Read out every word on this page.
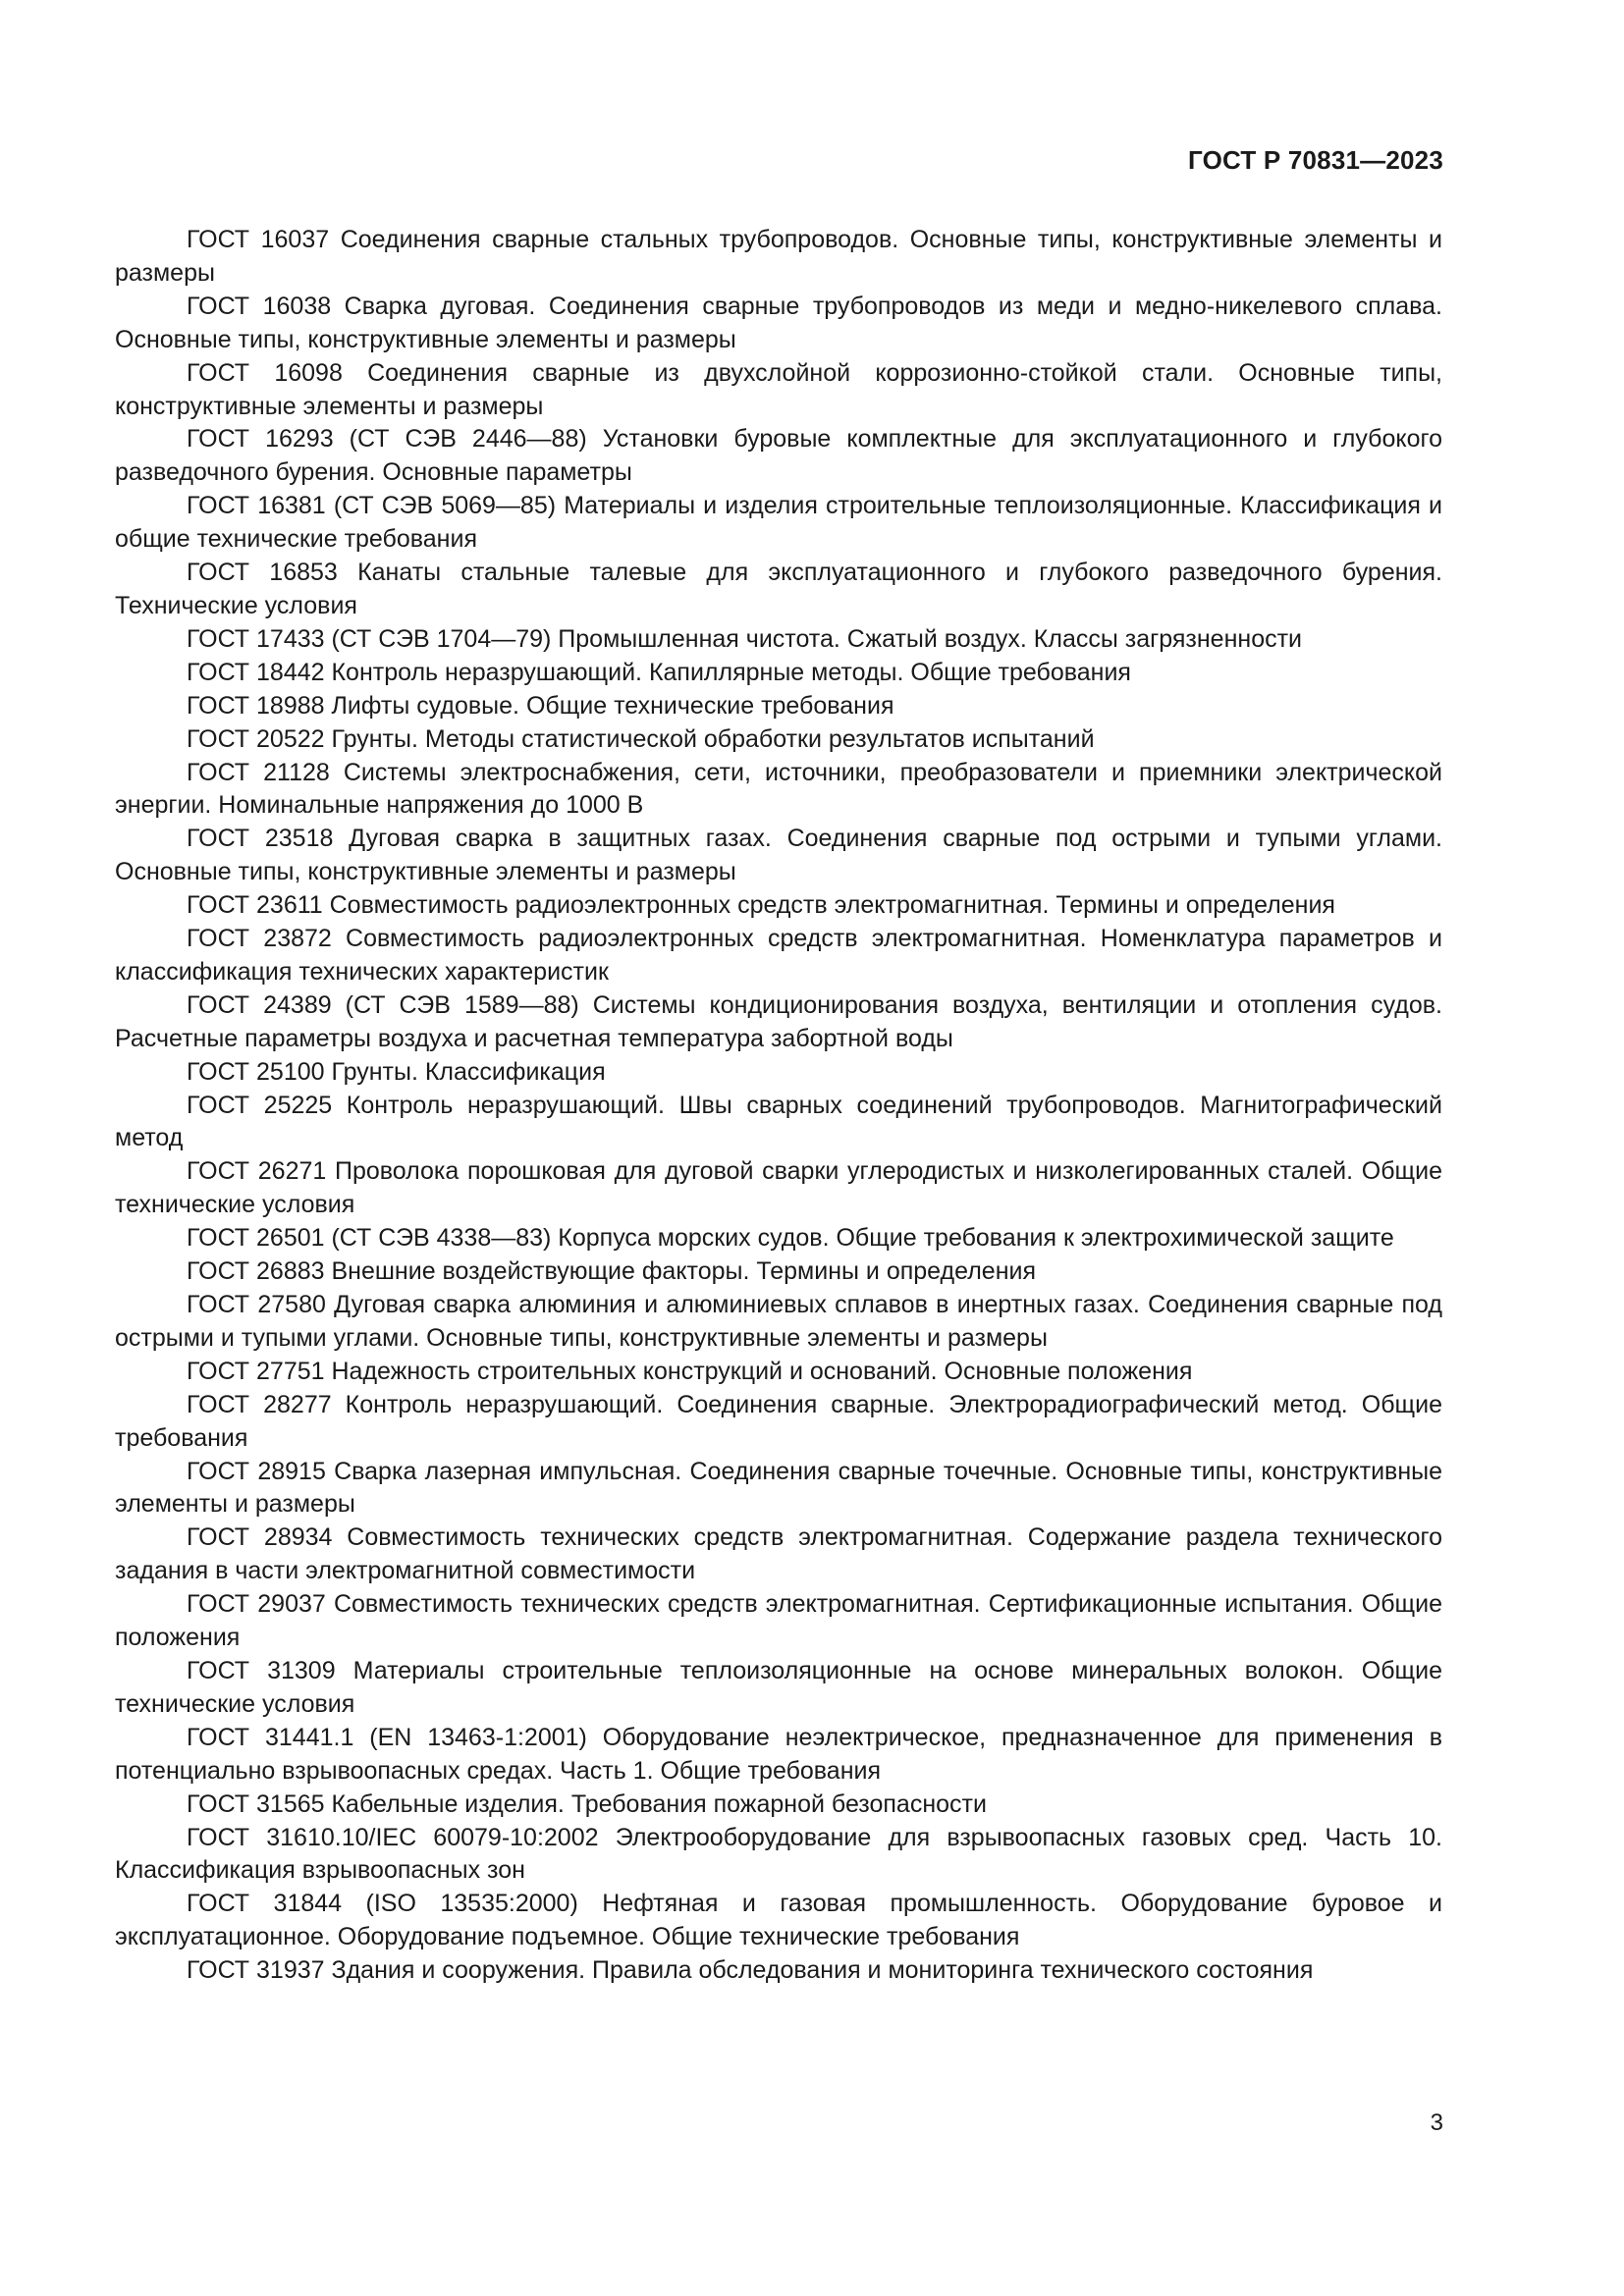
ГОСТ Р 70831—2023

ГОСТ 16037 Соединения сварные стальных трубопроводов. Основные типы, конструктивные элементы и размеры

ГОСТ 16038 Сварка дуговая. Соединения сварные трубопроводов из меди и медно-никелевого сплава. Основные типы, конструктивные элементы и размеры

ГОСТ 16098 Соединения сварные из двухслойной коррозионно-стойкой стали. Основные типы, конструктивные элементы и размеры

ГОСТ 16293 (СТ СЭВ 2446—88) Установки буровые комплектные для эксплуатационного и глубокого разведочного бурения. Основные параметры

ГОСТ 16381 (СТ СЭВ 5069—85) Материалы и изделия строительные теплоизоляционные. Классификация и общие технические требования

ГОСТ 16853 Канаты стальные талевые для эксплуатационного и глубокого разведочного бурения. Технические условия

ГОСТ 17433 (СТ СЭВ 1704—79) Промышленная чистота. Сжатый воздух. Классы загрязненности

ГОСТ 18442 Контроль неразрушающий. Капиллярные методы. Общие требования

ГОСТ 18988 Лифты судовые. Общие технические требования

ГОСТ 20522 Грунты. Методы статистической обработки результатов испытаний

ГОСТ 21128 Системы электроснабжения, сети, источники, преобразователи и приемники электрической энергии. Номинальные напряжения до 1000 В

ГОСТ 23518 Дуговая сварка в защитных газах. Соединения сварные под острыми и тупыми углами. Основные типы, конструктивные элементы и размеры

ГОСТ 23611 Совместимость радиоэлектронных средств электромагнитная. Термины и определения

ГОСТ 23872 Совместимость радиоэлектронных средств электромагнитная. Номенклатура параметров и классификация технических характеристик

ГОСТ 24389 (СТ СЭВ 1589—88) Системы кондиционирования воздуха, вентиляции и отопления судов. Расчетные параметры воздуха и расчетная температура забортной воды

ГОСТ 25100 Грунты. Классификация

ГОСТ 25225 Контроль неразрушающий. Швы сварных соединений трубопроводов. Магнитографический метод

ГОСТ 26271 Проволока порошковая для дуговой сварки углеродистых и низколегированных сталей. Общие технические условия

ГОСТ 26501 (СТ СЭВ 4338—83) Корпуса морских судов. Общие требования к электрохимической защите

ГОСТ 26883 Внешние воздействующие факторы. Термины и определения

ГОСТ 27580 Дуговая сварка алюминия и алюминиевых сплавов в инертных газах. Соединения сварные под острыми и тупыми углами. Основные типы, конструктивные элементы и размеры

ГОСТ 27751 Надежность строительных конструкций и оснований. Основные положения

ГОСТ 28277 Контроль неразрушающий. Соединения сварные. Электрорадиографический метод. Общие требования

ГОСТ 28915 Сварка лазерная импульсная. Соединения сварные точечные. Основные типы, конструктивные элементы и размеры

ГОСТ 28934 Совместимость технических средств электромагнитная. Содержание раздела технического задания в части электромагнитной совместимости

ГОСТ 29037 Совместимость технических средств электромагнитная. Сертификационные испытания. Общие положения

ГОСТ 31309 Материалы строительные теплоизоляционные на основе минеральных волокон. Общие технические условия

ГОСТ 31441.1 (EN 13463-1:2001) Оборудование неэлектрическое, предназначенное для применения в потенциально взрывоопасных средах. Часть 1. Общие требования

ГОСТ 31565 Кабельные изделия. Требования пожарной безопасности

ГОСТ 31610.10/IEC 60079-10:2002 Электрооборудование для взрывоопасных газовых сред. Часть 10. Классификация взрывоопасных зон

ГОСТ 31844 (ISO 13535:2000) Нефтяная и газовая промышленность. Оборудование буровое и эксплуатационное. Оборудование подъемное. Общие технические требования

ГОСТ 31937 Здания и сооружения. Правила обследования и мониторинга технического состояния

3
